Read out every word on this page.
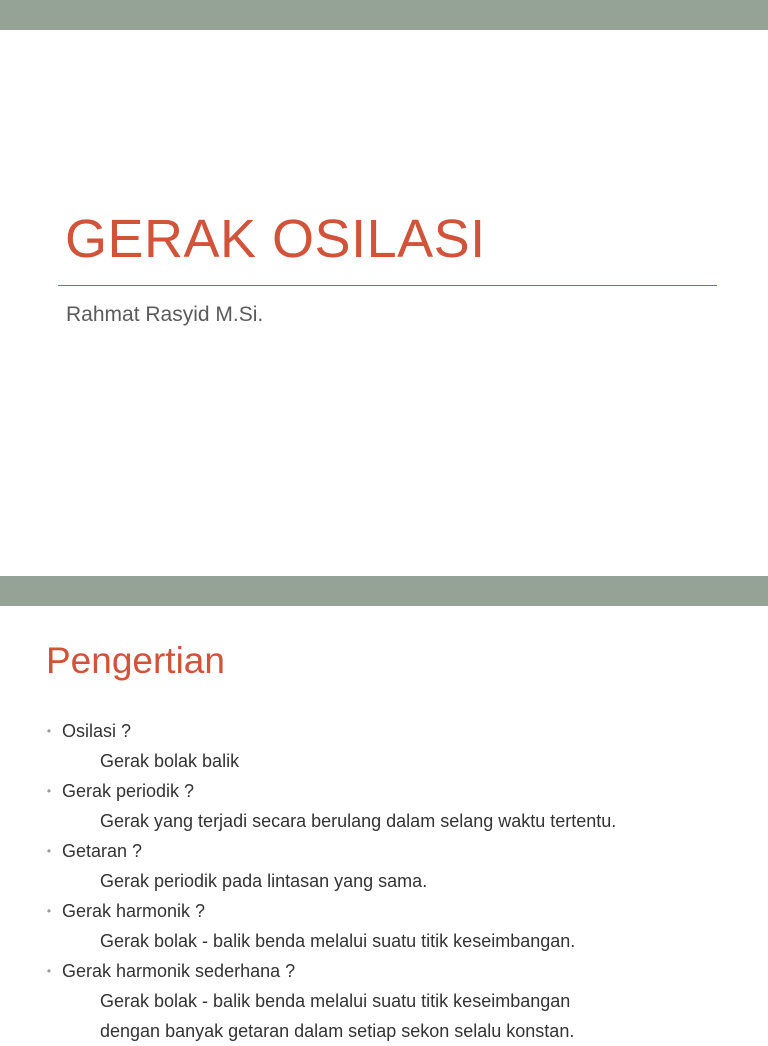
GERAK OSILASI
Rahmat Rasyid M.Si.
Pengertian
• Osilasi ?
Gerak bolak balik
• Gerak periodik ?
Gerak yang terjadi secara berulang dalam selang waktu tertentu.
• Getaran ?
Gerak periodik pada lintasan yang sama.
• Gerak harmonik ?
Gerak bolak - balik benda melalui suatu titik keseimbangan.
• Gerak harmonik sederhana ?
Gerak bolak - balik benda melalui suatu titik keseimbangan
dengan banyak getaran dalam setiap sekon selalu konstan.
